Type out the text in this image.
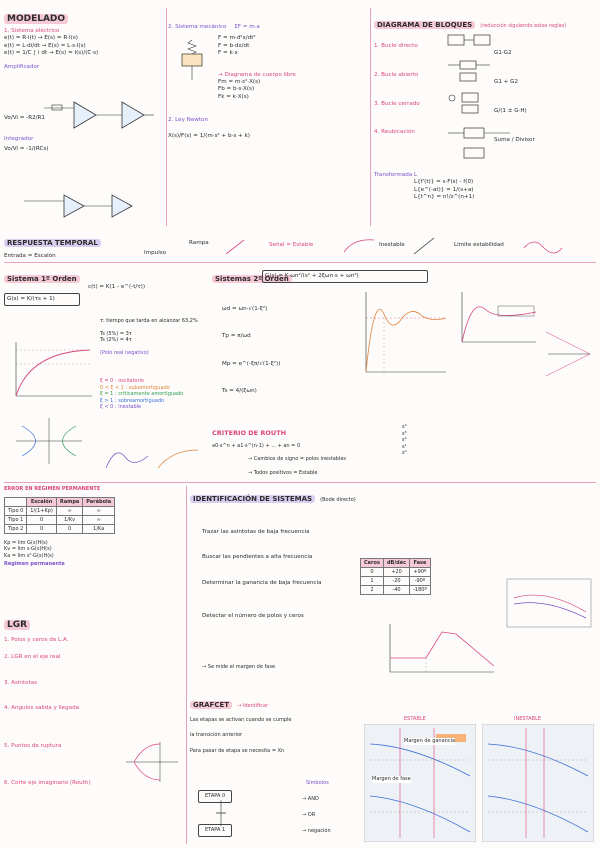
MODELADO
1. Sistema eléctrico
e(t) = R·i(t) → E(s) = R·I(s)
e(t) = L·di/dt → E(s) = L·s·I(s)
e(t) = 1/C ∫ i dt → E(s) = I(s)/(C·s)
Amplificador
Vo/Vi = -R2/R1
Integrador
Vo/Vi = -1/(RCs)
2. Sistema mecánico ΣF = m·a
F = m·d²x/dt²
F = b·dx/dt
F = k·x
→ Diagrama de cuerpo libre
Fm = m·s²·X(s)
Fb = b·s·X(s)
Fk = k·X(s)
2. Ley Newton
X(s)/F(s) = 1/(m·s² + b·s + k)
DIAGRAMA DE BLOQUES (reducción siguiendo estas reglas)
1. Bucle directo
G1·G2
2. Bucle abierto
G1 + G2
3. Bucle cerrado
G/(1 ± G·H)
4. Reubicación
Suma / Divisor
Transformada L
L{f'(t)} = s·F(s) - f(0)
L{e^(-at)} = 1/(s+a)
L{t^n} = n!/s^(n+1)
RESPUESTA TEMPORAL
Entrada = Escalón
Rampa
Impulso
Señal = Estable	Inestable	Límite estabilidad
Sistema 1º Orden
G(s) = K/(τs + 1)
c(t) = K(1 - e^(-t/τ))
τ: tiempo que tarda en alcanzar 63,2%
Ts (5%) = 3τ
Ts (2%) = 4τ
(Polo real negativo)
ξ = 0 : oscilatorio
0 < ξ < 1 : subamortiguado
ξ = 1 : críticamente amortiguado
ξ > 1 : sobreamortiguado
ξ < 0 : inestable
Sistemas 2º Orden
G(s) = K·ωn²/(s² + 2ξωn·s + ωn²)
ωd = ωn·√(1-ξ²)
Tp = π/ωd
Mp = e^(-ξπ/√(1-ξ²))
Ts = 4/(ξωn)
CRITERIO DE ROUTH
a0·s^n + a1·s^(n-1) + ... + an = 0
→ Cambios de signo = polos inestables
→ Todos positivos = Estable
s⁴
s³
s²
s¹
s⁰
ERROR EN RÉGIMEN PERMANENTE
	Escalón	Rampa	Parábola
Tipo 0	1/(1+Kp)	∞	∞
Tipo 1	0	1/Kv	∞
Tipo 2	0	0	1/Ka
Kp = lim G(s)H(s)
Kv = lim s·G(s)H(s)
Ka = lim s²·G(s)H(s)
Régimen permanente
IDENTIFICACIÓN DE SISTEMAS (Bode directo)
Trazar las asíntotas de baja frecuencia
Buscar las pendientes a alta frecuencia
Determinar la ganancia de baja frecuencia
Detectar el número de polos y ceros
Ceros	dB/déc	Fase
0	+20	+90º
1	-20	-90º
2	-40	-180º
→ Se mide el margen de fase
LGR
1. Polos y ceros de L.A.
2. LGR en el eje real
3. Asíntotas
4. Ángulos salida y llegada
5. Puntos de ruptura
6. Corte eje imaginario (Routh)
GRAFCET → Identificar
Las etapas se activan cuando se cumple
la transición anterior
Para pasar de etapa se necesita = Xn
ETAPA 0
ETAPA 1
Símbolos
→ AND
→ OR
→ negación
ESTABLE	INESTABLE
Margen de fase
Margen de ganancia
